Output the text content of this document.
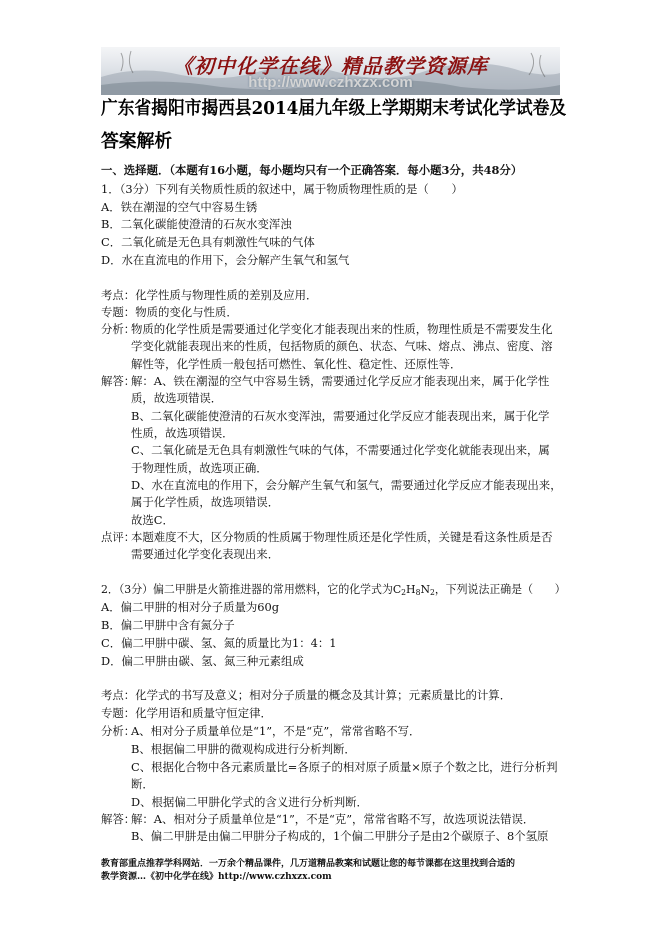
《初中化学在线》精品教学资源库
http://www.czhxzx.com
广东省揭阳市揭西县2014届九年级上学期期末考试化学试卷及
答案解析
一、选择题．（本题有16小题，每小题均只有一个正确答案．每小题3分，共48分）
1．（3分）下列有关物质性质的叙述中，属于物质物理性质的是（　　）
A．铁在潮湿的空气中容易生锈
B．二氧化碳能使澄清的石灰水变浑浊
C．二氧化硫是无色具有刺激性气味的气体
D．水在直流电的作用下，会分解产生氧气和氢气
考点：化学性质与物理性质的差别及应用．
专题：物质的变化与性质．
分析：
物质的化学性质是需要通过化学变化才能表现出来的性质，物理性质是不需要发生化
学变化就能表现出来的性质，包括物质的颜色、状态、气味、熔点、沸点、密度、溶
解性等，化学性质一般包括可燃性、氧化性、稳定性、还原性等．
解答：
解：A、铁在潮湿的空气中容易生锈，需要通过化学反应才能表现出来，属于化学性
质，故选项错误．
B、二氧化碳能使澄清的石灰水变浑浊，需要通过化学反应才能表现出来，属于化学
性质，故选项错误．
C、二氧化硫是无色具有刺激性气味的气体，不需要通过化学变化就能表现出来，属
于物理性质，故选项正确．
D、水在直流电的作用下，会分解产生氧气和氢气，需要通过化学反应才能表现出来，
属于化学性质，故选项错误．
故选C．
点评：
本题难度不大，区分物质的性质属于物理性质还是化学性质，关键是看这条性质是否
需要通过化学变化表现出来．
2．（3分）偏二甲肼是火箭推进器的常用燃料，它的化学式为$C_2H_8N_2$，下列说法正确是（　　）
A．偏二甲肼的相对分子质量为60g
B．偏二甲肼中含有氮分子
C．偏二甲肼中碳、氢、氮的质量比为1：4：1
D．偏二甲肼由碳、氢、氮三种元素组成
考点：化学式的书写及意义；相对分子质量的概念及其计算；元素质量比的计算．
专题：化学用语和质量守恒定律．
分析：
A、相对分子质量单位是“1”，不是“克”，常常省略不写．
B、根据偏二甲肼的微观构成进行分析判断．
C、根据化合物中各元素质量比=各原子的相对原子质量×原子个数之比，进行分析判
断．
D、根据偏二甲肼化学式的含义进行分析判断．
解答：
解：A、相对分子质量单位是“1”，不是“克”，常常省略不写，故选项说法错误．
B、偏二甲肼是由偏二甲肼分子构成的，1个偏二甲肼分子是由2个碳原子、8个氢原
教育部重点推荐学科网站．一万余个精品课件，几万道精品教案和试题让您的每节课都在这里找到合适的
教学资源…《初中化学在线》http://www.czhxzx.com
